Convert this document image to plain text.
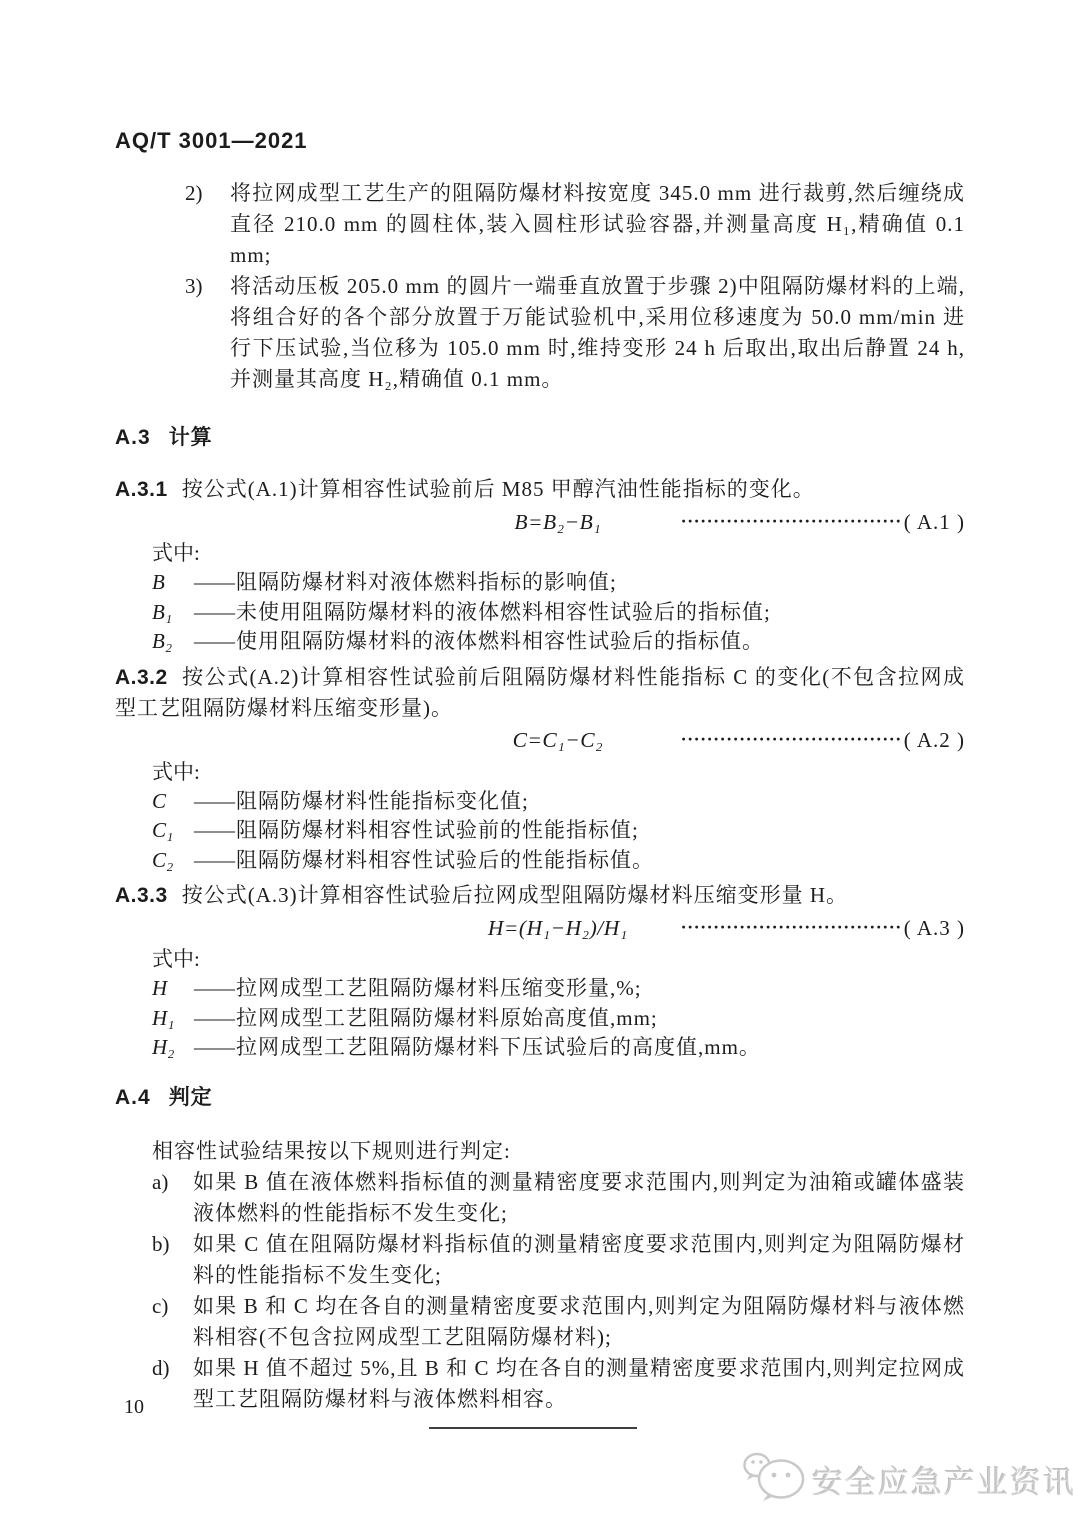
AQ/T 3001—2021
2) 将拉网成型工艺生产的阻隔防爆材料按宽度 345.0 mm 进行裁剪,然后缠绕成直径 210.0 mm 的圆柱体,装入圆柱形试验容器,并测量高度 H₁,精确值 0.1 mm;
3) 将活动压板 205.0 mm 的圆片一端垂直放置于步骤 2)中阻隔防爆材料的上端,将组合好的各个部分放置于万能试验机中,采用位移速度为 50.0 mm/min 进行下压试验,当位移为 105.0 mm 时,维持变形 24 h 后取出,取出后静置 24 h,并测量其高度 H₂,精确值 0.1 mm。
A.3 计算
A.3.1 按公式(A.1)计算相容性试验前后 M85 甲醇汽油性能指标的变化。
B=B₂−B₁	·································· ( A.1 )
式中:
B	—— 阻隔防爆材料对液体燃料指标的影响值;
B₁	—— 未使用阻隔防爆材料的液体燃料相容性试验后的指标值;
B₂	—— 使用阻隔防爆材料的液体燃料相容性试验后的指标值。
A.3.2 按公式(A.2)计算相容性试验前后阻隔防爆材料性能指标 C 的变化(不包含拉网成型工艺阻隔防爆材料压缩变形量)。
C=C₁−C₂	·································· ( A.2 )
式中:
C	—— 阻隔防爆材料性能指标变化值;
C₁ —— 阻隔防爆材料相容性试验前的性能指标值;
C₂ —— 阻隔防爆材料相容性试验后的性能指标值。
A.3.3 按公式(A.3)计算相容性试验后拉网成型阻隔防爆材料压缩变形量 H。
H=(H₁−H₂)/H₁	·································· ( A.3 )
式中:
H	—— 拉网成型工艺阻隔防爆材料压缩变形量,%;
H₁ —— 拉网成型工艺阻隔防爆材料原始高度值,mm;
H₂ —— 拉网成型工艺阻隔防爆材料下压试验后的高度值,mm。
A.4 判定
相容性试验结果按以下规则进行判定:
a) 如果 B 值在液体燃料指标值的测量精密度要求范围内,则判定为油箱或罐体盛装液体燃料的性能指标不发生变化;
b) 如果 C 值在阻隔防爆材料指标值的测量精密度要求范围内,则判定为阻隔防爆材料的性能指标不发生变化;
c) 如果 B 和 C 均在各自的测量精密度要求范围内,则判定为阻隔防爆材料与液体燃料相容(不包含拉网成型工艺阻隔防爆材料);
d) 如果 H 值不超过 5%,且 B 和 C 均在各自的测量精密度要求范围内,则判定拉网成型工艺阻隔防爆材料与液体燃料相容。
10
安全应急产业资讯
